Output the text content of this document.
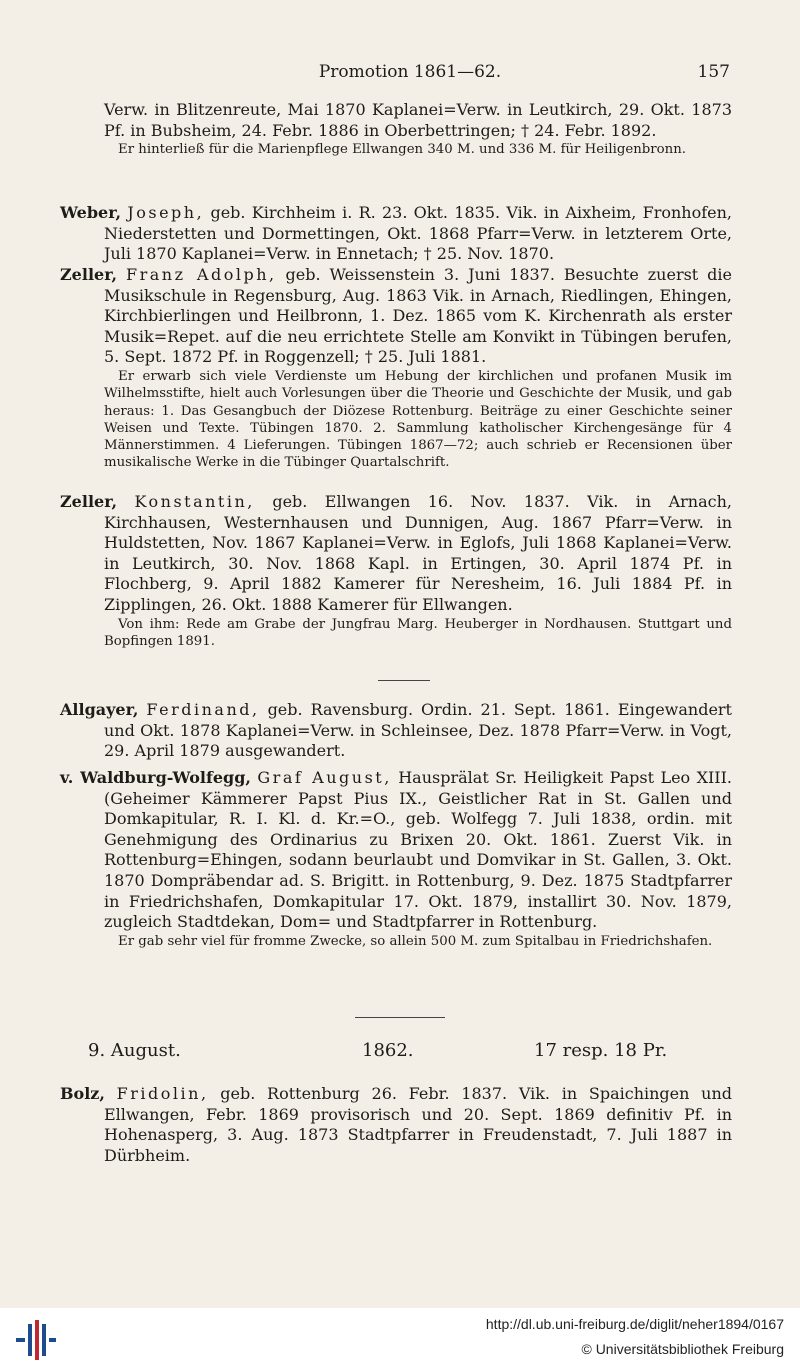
Promotion 1861—62.	157

Verw. in Blitzenreute, Mai 1870 Kaplanei=Verw. in Leutkirch, 29. Okt. 1873 Pf. in Bubsheim, 24. Febr. 1886 in Oberbettringen; † 24. Febr. 1892.

Er hinterließ für die Marienpflege Ellwangen 340 M. und 336 M. für Heiligenbronn.

Weber, Joseph, geb. Kirchheim i. R. 23. Okt. 1835. Vik. in Aixheim, Fronhofen, Niederstetten und Dormettingen, Okt. 1868 Pfarr=Verw. in letzterem Orte, Juli 1870 Kaplanei=Verw. in Ennetach; † 25. Nov. 1870.

Zeller, Franz Adolph, geb. Weissenstein 3. Juni 1837. Besuchte zuerst die Musikschule in Regensburg, Aug. 1863 Vik. in Arnach, Riedlingen, Ehingen, Kirchbierlingen und Heilbronn, 1. Dez. 1865 vom K. Kirchenrath als erster Musik=Repet. auf die neu errichtete Stelle am Konvikt in Tübingen berufen, 5. Sept. 1872 Pf. in Roggenzell; † 25. Juli 1881.

Er erwarb sich viele Verdienste um Hebung der kirchlichen und profanen Musik im Wilhelmsstifte, hielt auch Vorlesungen über die Theorie und Geschichte der Musik, und gab heraus: 1. Das Gesangbuch der Diözese Rottenburg. Beiträge zu einer Geschichte seiner Weisen und Texte. Tübingen 1870. 2. Sammlung katholischer Kirchengesänge für 4 Männerstimmen. 4 Lieferungen. Tübingen 1867—72; auch schrieb er Recensionen über musikalische Werke in die Tübinger Quartalschrift.

Zeller, Konstantin, geb. Ellwangen 16. Nov. 1837. Vik. in Arnach, Kirchhausen, Westernhausen und Dunnigen, Aug. 1867 Pfarr=Verw. in Huldstetten, Nov. 1867 Kaplanei=Verw. in Eglofs, Juli 1868 Kaplanei=Verw. in Leutkirch, 30. Nov. 1868 Kapl. in Ertingen, 30. April 1874 Pf. in Flochberg, 9. April 1882 Kamerer für Neresheim, 16. Juli 1884 Pf. in Zipplingen, 26. Okt. 1888 Kamerer für Ellwangen.

Von ihm: Rede am Grabe der Jungfrau Marg. Heuberger in Nordhausen. Stuttgart und Bopfingen 1891.

Allgayer, Ferdinand, geb. Ravensburg. Ordin. 21. Sept. 1861. Eingewandert und Okt. 1878 Kaplanei=Verw. in Schleinsee, Dez. 1878 Pfarr=Verw. in Vogt, 29. April 1879 ausgewandert.

v. Waldburg-Wolfegg, Graf August, Hausprälat Sr. Heiligkeit Papst Leo XIII. (Geheimer Kämmerer Papst Pius IX., Geistlicher Rat in St. Gallen und Domkapitular, R. I. Kl. d. Kr.=O., geb. Wolfegg 7. Juli 1838, ordin. mit Genehmigung des Ordinarius zu Brixen 20. Okt. 1861. Zuerst Vik. in Rottenburg=Ehingen, sodann beurlaubt und Domvikar in St. Gallen, 3. Okt. 1870 Dompräbendar ad. S. Brigitt. in Rottenburg, 9. Dez. 1875 Stadtpfarrer in Friedrichshafen, Domkapitular 17. Okt. 1879, installirt 30. Nov. 1879, zugleich Stadtdekan, Dom= und Stadtpfarrer in Rottenburg.

Er gab sehr viel für fromme Zwecke, so allein 500 M. zum Spitalbau in Friedrichshafen.

9. August.	1862.	17 resp. 18 Pr.

Bolz, Fridolin, geb. Rottenburg 26. Febr. 1837. Vik. in Spaichingen und Ellwangen, Febr. 1869 provisorisch und 20. Sept. 1869 definitiv Pf. in Hohenasperg, 3. Aug. 1873 Stadtpfarrer in Freudenstadt, 7. Juli 1887 in Dürbheim.

http://dl.ub.uni-freiburg.de/diglit/neher1894/0167
© Universitätsbibliothek Freiburg
